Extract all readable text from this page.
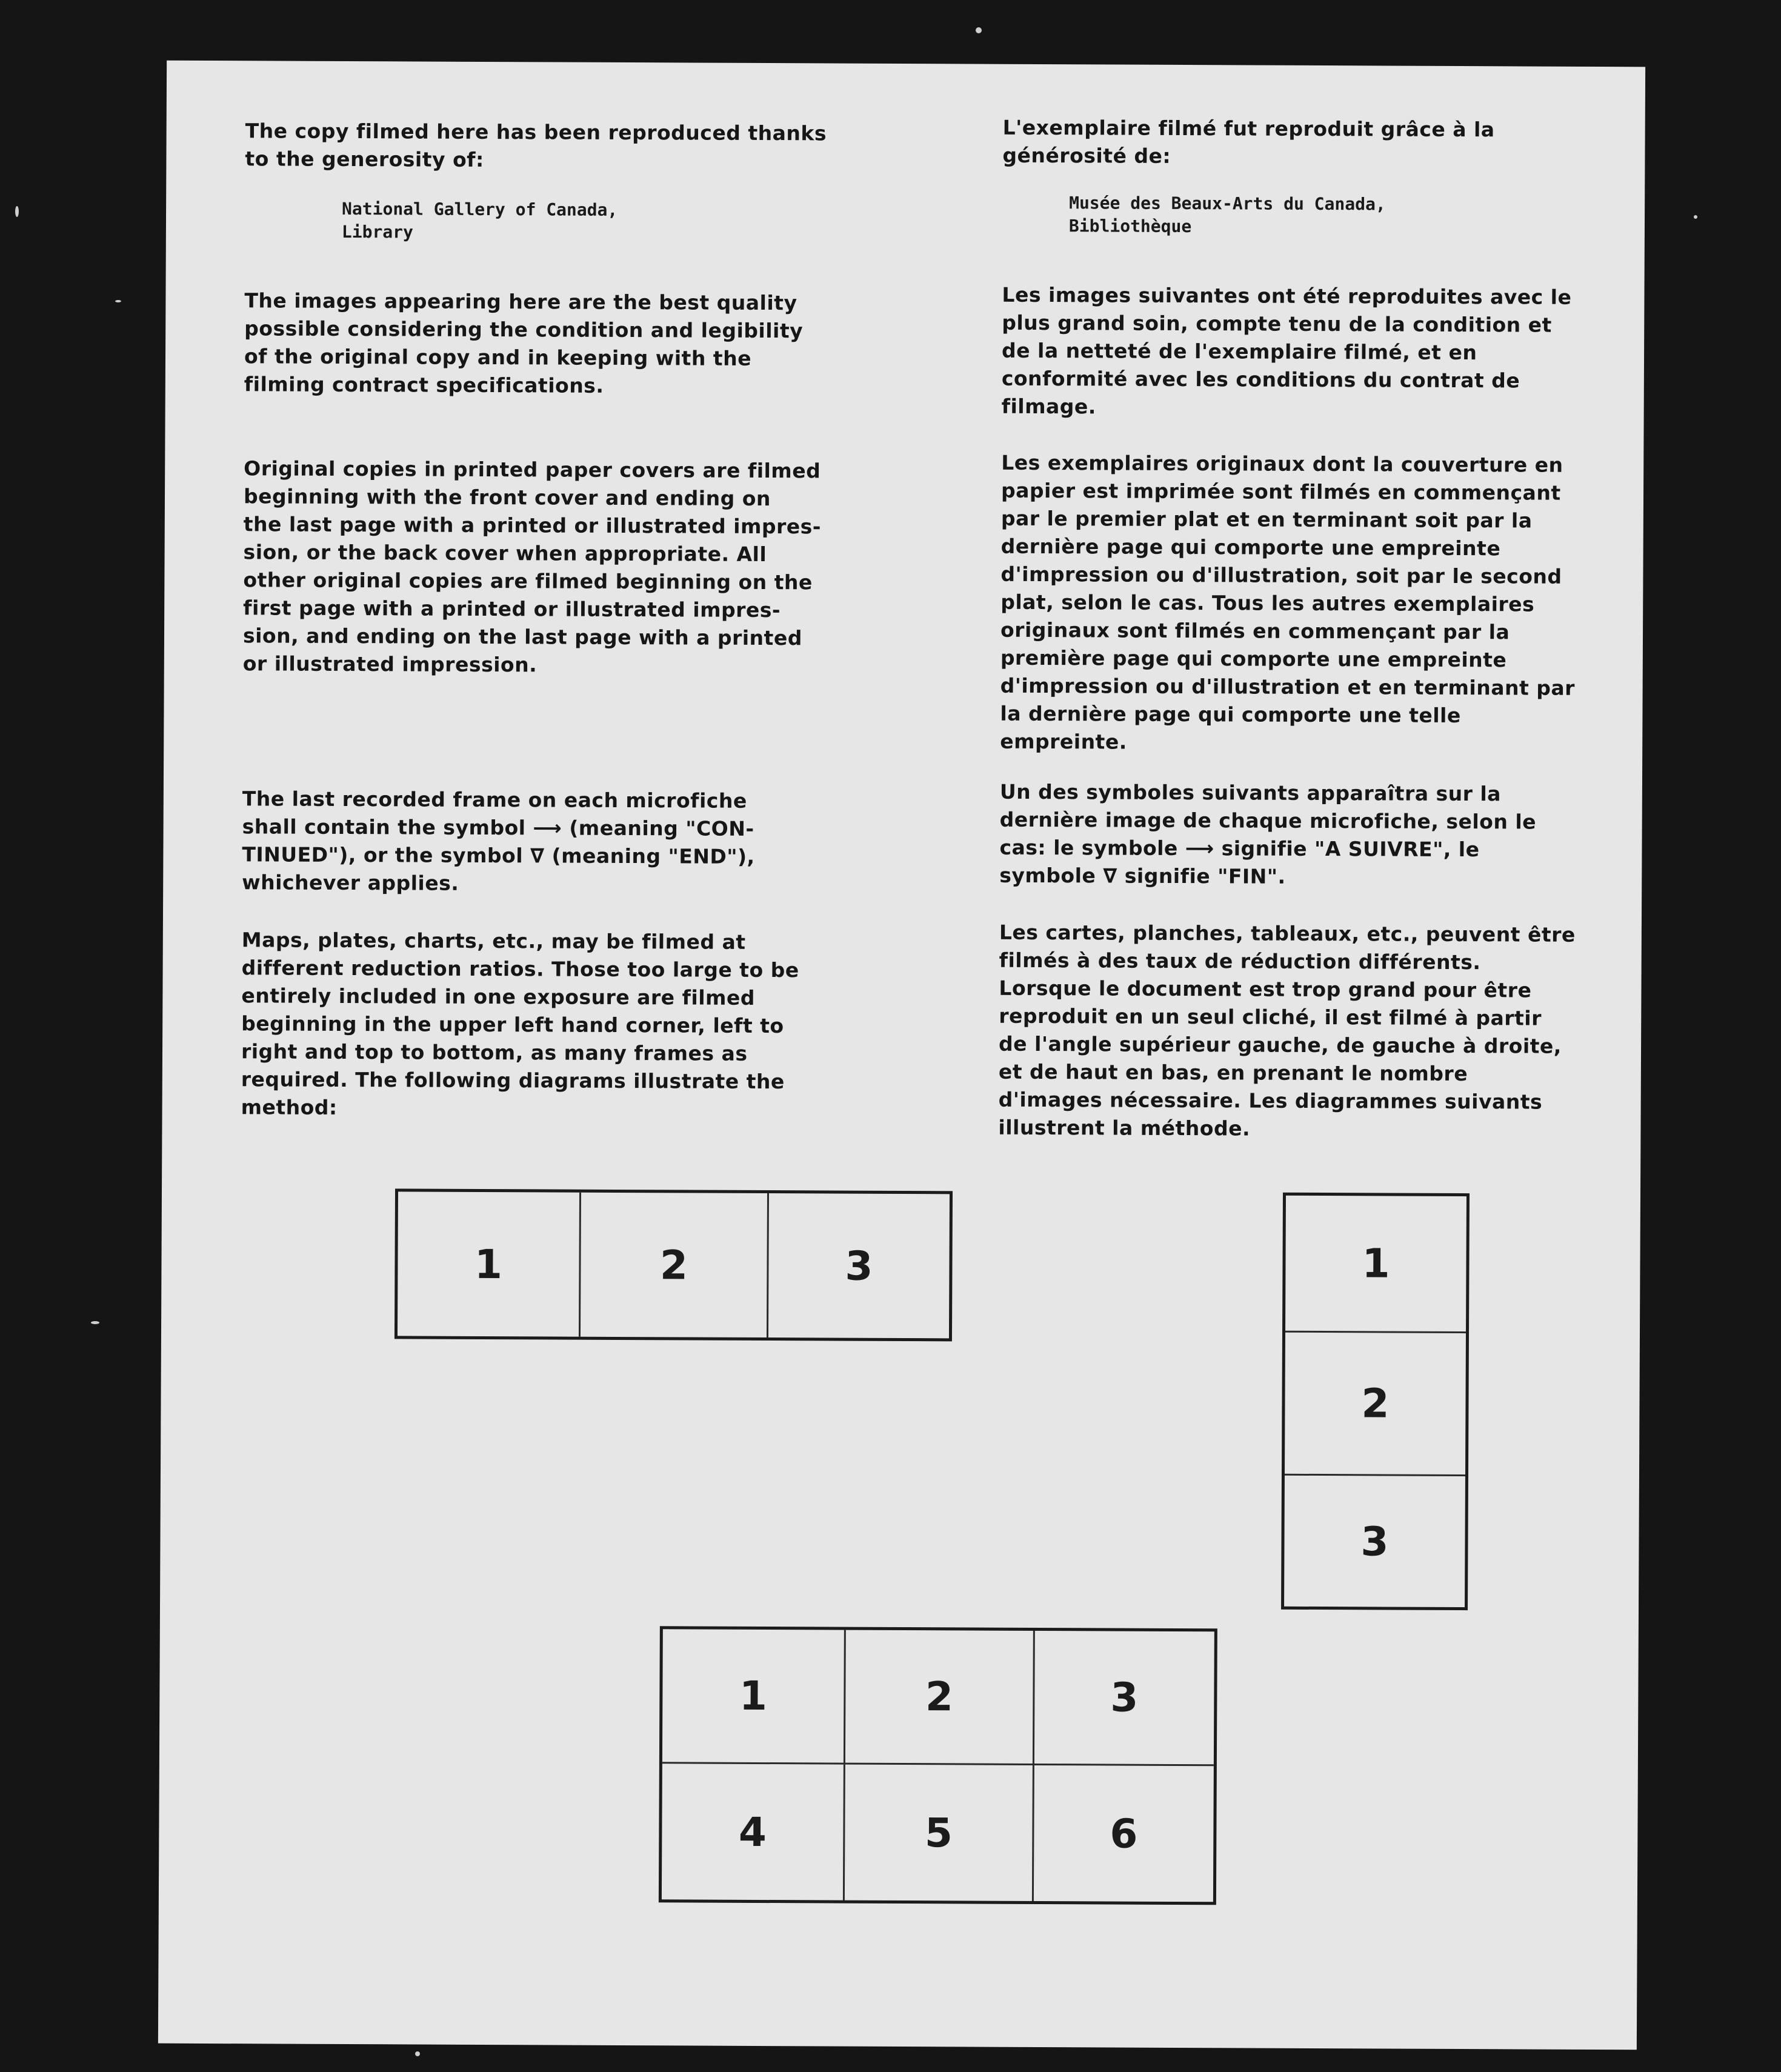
The copy filmed here has been reproduced thanks
to the generosity of:

National Gallery of Canada,
Library

The images appearing here are the best quality
possible considering the condition and legibility
of the original copy and in keeping with the
filming contract specifications.

Original copies in printed paper covers are filmed
beginning with the front cover and ending on
the last page with a printed or illustrated impres-
sion, or the back cover when appropriate. All
other original copies are filmed beginning on the
first page with a printed or illustrated impres-
sion, and ending on the last page with a printed
or illustrated impression.

The last recorded frame on each microfiche
shall contain the symbol ⟶ (meaning "CON-
TINUED"), or the symbol ∇ (meaning "END"),
whichever applies.

Maps, plates, charts, etc., may be filmed at
different reduction ratios. Those too large to be
entirely included in one exposure are filmed
beginning in the upper left hand corner, left to
right and top to bottom, as many frames as
required. The following diagrams illustrate the
method:

L'exemplaire filmé fut reproduit grâce à la
générosité de:

Musée des Beaux-Arts du Canada,
Bibliothèque

Les images suivantes ont été reproduites avec le
plus grand soin, compte tenu de la condition et
de la netteté de l'exemplaire filmé, et en
conformité avec les conditions du contrat de
filmage.

Les exemplaires originaux dont la couverture en
papier est imprimée sont filmés en commençant
par le premier plat et en terminant soit par la
dernière page qui comporte une empreinte
d'impression ou d'illustration, soit par le second
plat, selon le cas. Tous les autres exemplaires
originaux sont filmés en commençant par la
première page qui comporte une empreinte
d'impression ou d'illustration et en terminant par
la dernière page qui comporte une telle
empreinte.

Un des symboles suivants apparaîtra sur la
dernière image de chaque microfiche, selon le
cas: le symbole ⟶ signifie "A SUIVRE", le
symbole ∇ signifie "FIN".

Les cartes, planches, tableaux, etc., peuvent être
filmés à des taux de réduction différents.
Lorsque le document est trop grand pour être
reproduit en un seul cliché, il est filmé à partir
de l'angle supérieur gauche, de gauche à droite,
et de haut en bas, en prenant le nombre
d'images nécessaire. Les diagrammes suivants
illustrent la méthode.

1	2	3	1
2
3
1	2	3
4	5	6
